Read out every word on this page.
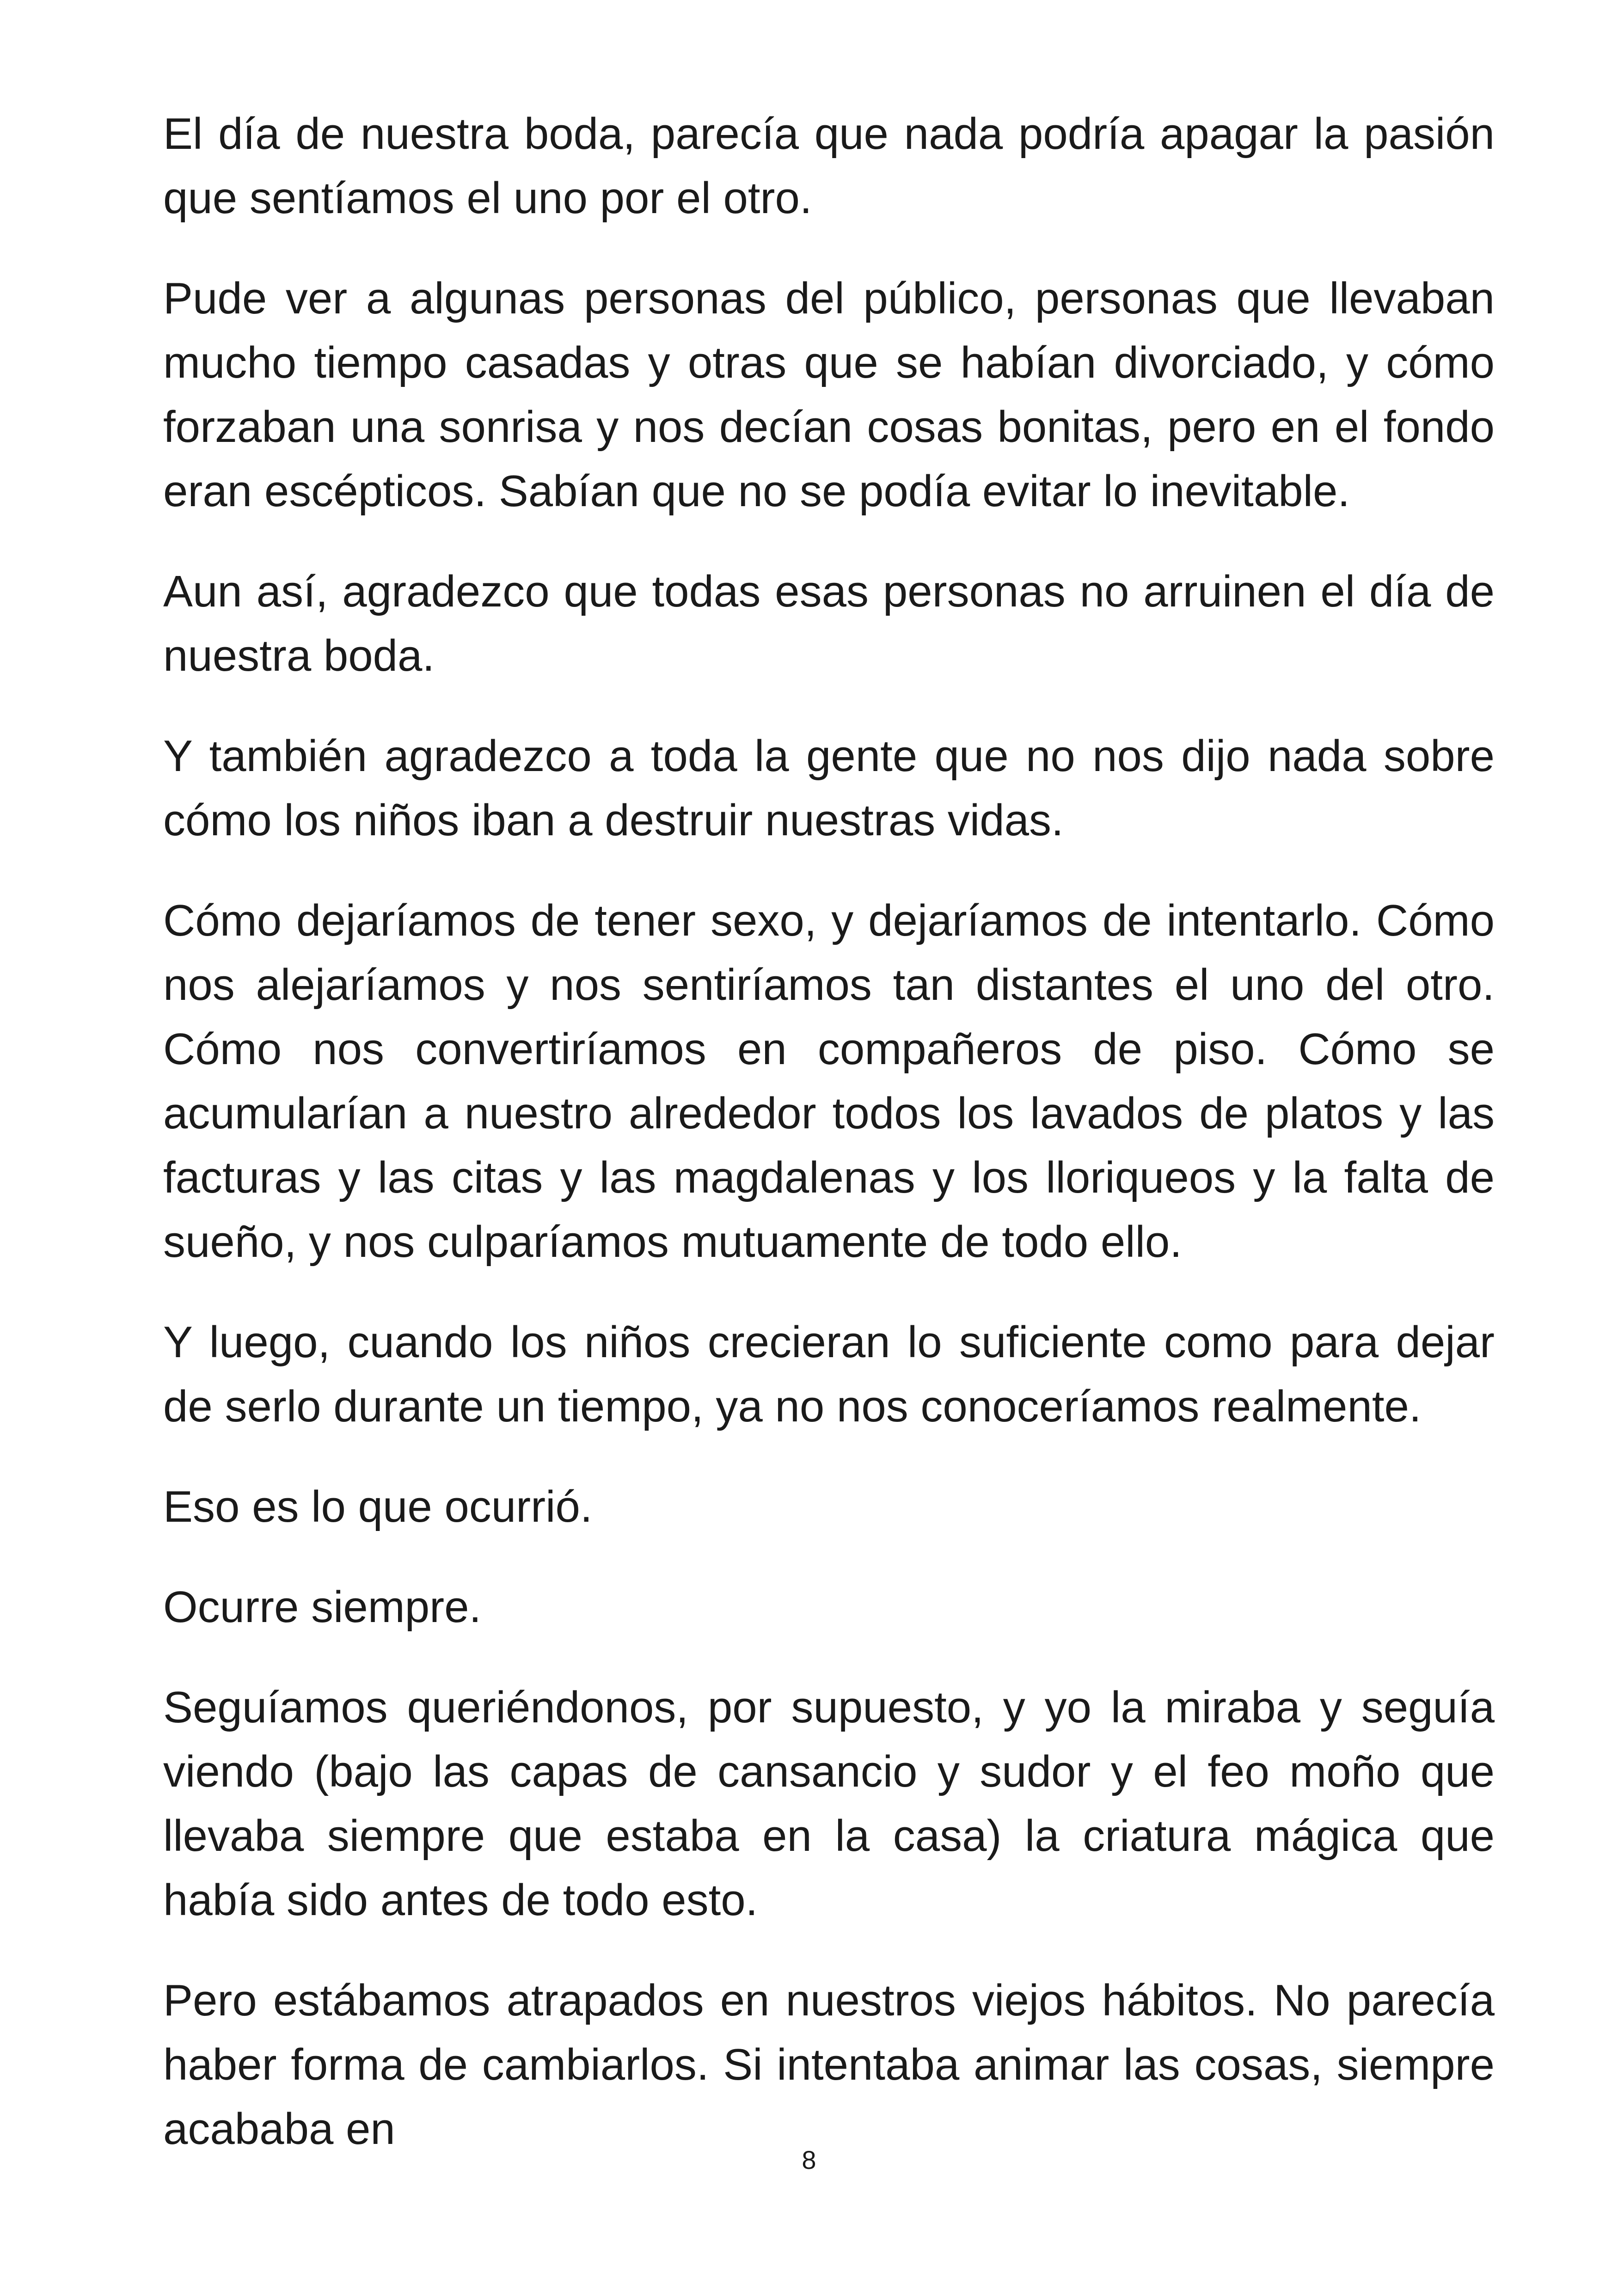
El día de nuestra boda, parecía que nada podría apagar la pasión que sentíamos el uno por el otro.

Pude ver a algunas personas del público, personas que llevaban mucho tiempo casadas y otras que se habían divorciado, y cómo forzaban una sonrisa y nos decían cosas bonitas, pero en el fondo eran escépticos. Sabían que no se podía evitar lo inevitable.

Aun así, agradezco que todas esas personas no arruinen el día de nuestra boda.

Y también agradezco a toda la gente que no nos dijo nada sobre cómo los niños iban a destruir nuestras vidas.

Cómo dejaríamos de tener sexo, y dejaríamos de intentarlo. Cómo nos alejaríamos y nos sentiríamos tan distantes el uno del otro. Cómo nos convertiríamos en compañeros de piso. Cómo se acumularían a nuestro alrededor todos los lavados de platos y las facturas y las citas y las magdalenas y los lloriqueos y la falta de sueño, y nos culparíamos mutuamente de todo ello.

Y luego, cuando los niños crecieran lo suficiente como para dejar de serlo durante un tiempo, ya no nos conoceríamos realmente.

Eso es lo que ocurrió.

Ocurre siempre.

Seguíamos queriéndonos, por supuesto, y yo la miraba y seguía viendo (bajo las capas de cansancio y sudor y el feo moño que llevaba siempre que estaba en la casa) la criatura mágica que había sido antes de todo esto.

Pero estábamos atrapados en nuestros viejos hábitos. No parecía haber forma de cambiarlos. Si intentaba animar las cosas, siempre acababa en

8
